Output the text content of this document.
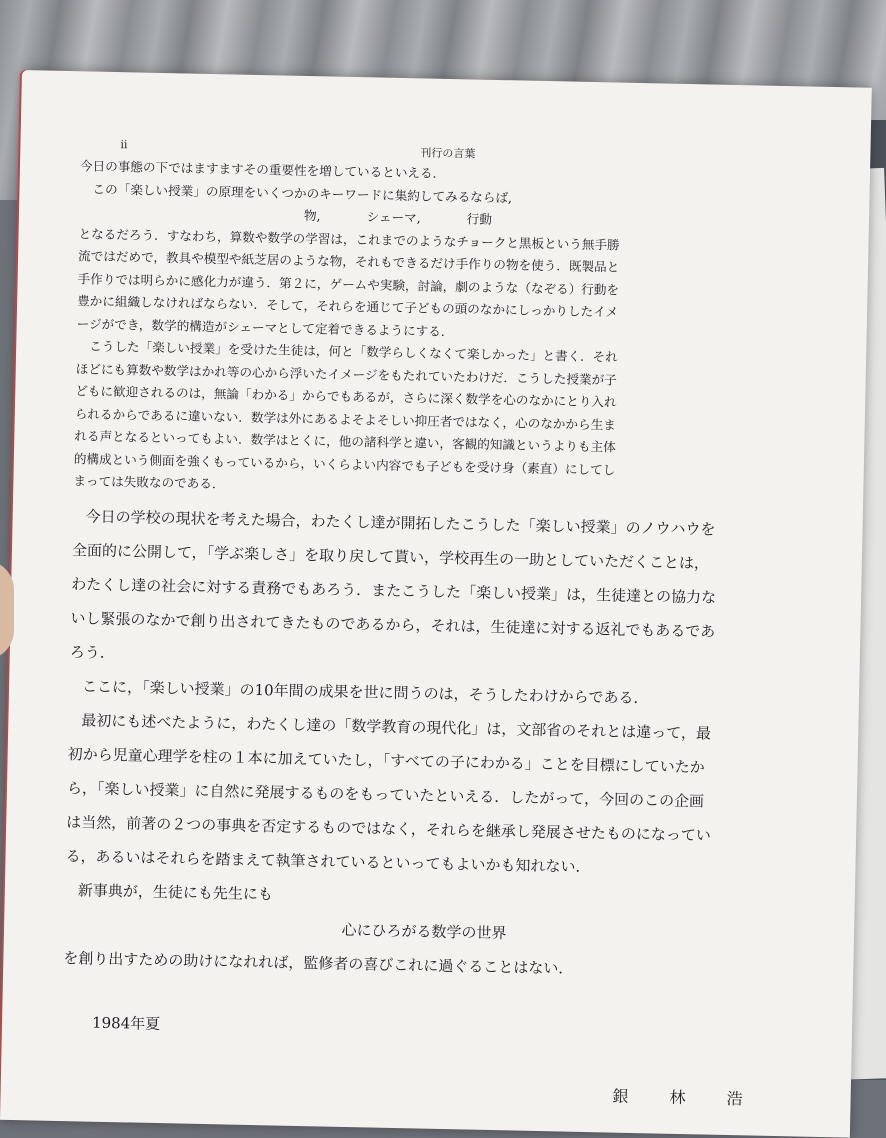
ii
刊行の言葉
今日の事態の下ではますますその重要性を増しているといえる.
この「楽しい授業」の原理をいくつかのキーワードに集約してみるならば,
物,	シェーマ,	行動
となるだろう．すなわち，算数や数学の学習は，これまでのようなチョークと黒板という無手勝
流ではだめで，教具や模型や紙芝居のような物，それもできるだけ手作りの物を使う．既製品と
手作りでは明らかに感化力が違う．第２に，ゲームや実験，討論，劇のような（なぞる）行動を
豊かに組織しなければならない．そして，それらを通じて子どもの頭のなかにしっかりしたイメ
ージができ，数学的構造がシェーマとして定着できるようにする．
こうした「楽しい授業」を受けた生徒は，何と「数学らしくなくて楽しかった」と書く．それ
ほどにも算数や数学はかれ等の心から浮いたイメージをもたれていたわけだ．こうした授業が子
どもに歓迎されるのは，無論「わかる」からでもあるが，さらに深く数学を心のなかにとり入れ
られるからであるに違いない．数学は外にあるよそよそしい抑圧者ではなく，心のなかから生ま
れる声となるといってもよい．数学はとくに，他の諸科学と違い，客観的知識というよりも主体
的構成という側面を強くもっているから，いくらよい内容でも子どもを受け身（素直）にしてし
まっては失敗なのである．
今日の学校の現状を考えた場合，わたくし達が開拓したこうした「楽しい授業」のノウハウを
全面的に公開して，「学ぶ楽しさ」を取り戻して貰い，学校再生の一助としていただくことは，
わたくし達の社会に対する責務でもあろう．またこうした「楽しい授業」は，生徒達との協力な
いし緊張のなかで創り出されてきたものであるから，それは，生徒達に対する返礼でもあるであ
ろう．
ここに，「楽しい授業」の10年間の成果を世に問うのは，そうしたわけからである．
最初にも述べたように，わたくし達の「数学教育の現代化」は，文部省のそれとは違って，最
初から児童心理学を柱の１本に加えていたし，「すべての子にわかる」ことを目標にしていたか
ら，「楽しい授業」に自然に発展するものをもっていたといえる．したがって，今回のこの企画
は当然，前著の２つの事典を否定するものではなく，それらを継承し発展させたものになってい
る，あるいはそれらを踏まえて執筆されているといってもよいかも知れない．
新事典が，生徒にも先生にも
心にひろがる数学の世界
を創り出すための助けになれれば，監修者の喜びこれに過ぐることはない．
1984年夏
銀 林 浩
